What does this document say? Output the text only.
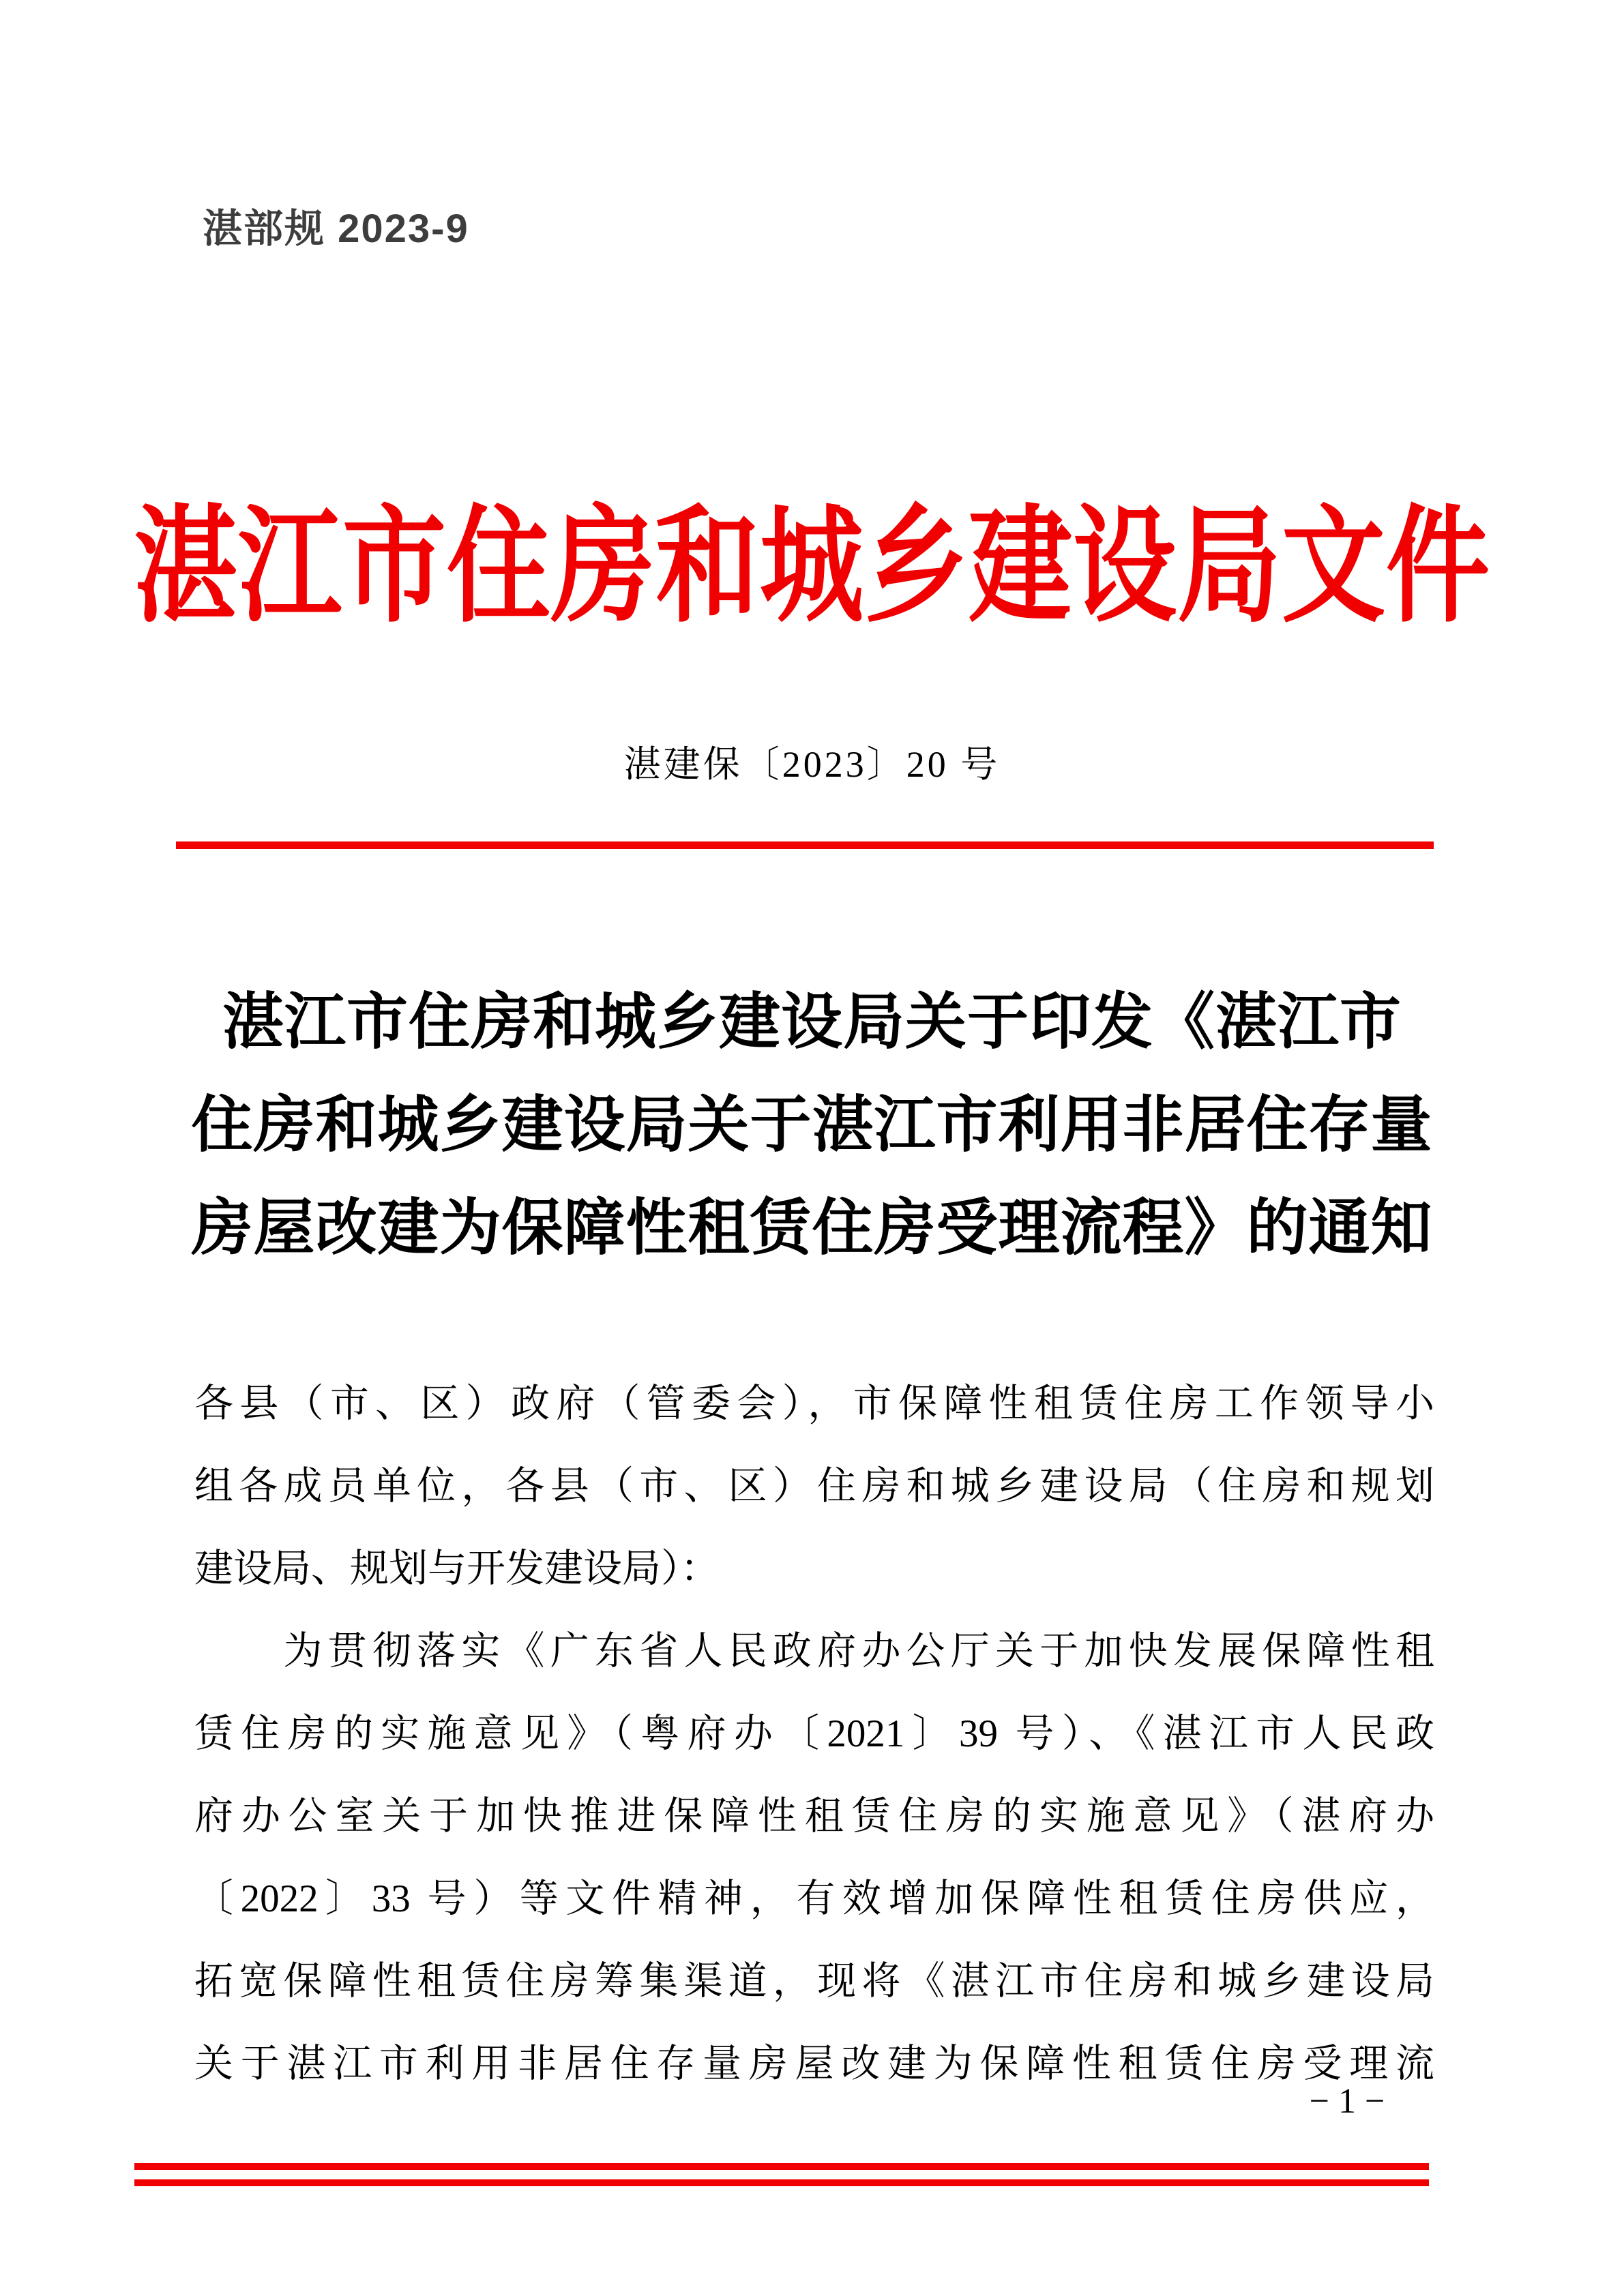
湛部规 2023-9
湛江市住房和城乡建设局文件
湛建保〔2023〕20 号
湛江市住房和城乡建设局关于印发《湛江市
住房和城乡建设局关于湛江市利用非居住存量
房屋改建为保障性租赁住房受理流程》的通知
各县（市、区）政府（管委会），市保障性租赁住房工作领导小
组各成员单位，各县（市、区）住房和城乡建设局（住房和规划
建设局、规划与开发建设局）：
　　为贯彻落实《广东省人民政府办公厅关于加快发展保障性租
赁住房的实施意见》（粤府办〔2021〕39 号）、《湛江市人民政
府办公室关于加快推进保障性租赁住房的实施意见》（湛府办
〔2022〕33 号）等文件精神，有效增加保障性租赁住房供应，
拓宽保障性租赁住房筹集渠道，现将《湛江市住房和城乡建设局
关于湛江市利用非居住存量房屋改建为保障性租赁住房受理流
− 1 −
